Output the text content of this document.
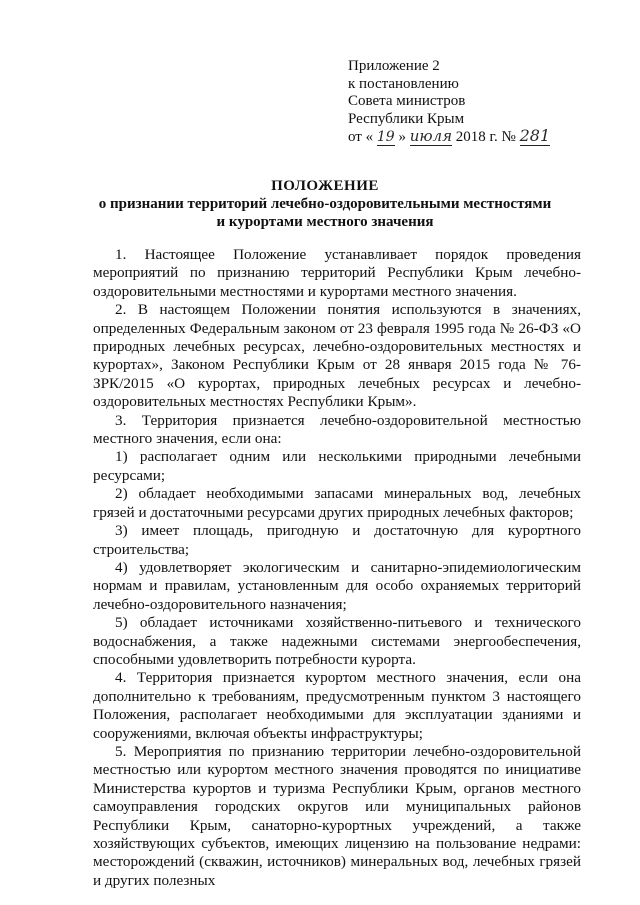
Приложение 2
к постановлению
Совета министров
Республики Крым
от « 19 » июля 2018 г. № 281
ПОЛОЖЕНИЕ
о признании территорий лечебно-оздоровительными местностями
и курортами местного значения

1. Настоящее Положение устанавливает порядок проведения мероприятий по признанию территорий Республики Крым лечебно-оздоровительными местностями и курортами местного значения.

2. В настоящем Положении понятия используются в значениях, определенных Федеральным законом от 23 февраля 1995 года № 26-ФЗ «О природных лечебных ресурсах, лечебно-оздоровительных местностях и курортах», Законом Республики Крым от 28 января 2015 года № 76-ЗРК/2015 «О курортах, природных лечебных ресурсах и лечебно-оздоровительных местностях Республики Крым».

3. Территория признается лечебно-оздоровительной местностью местного значения, если она:

1) располагает одним или несколькими природными лечебными ресурсами;

2) обладает необходимыми запасами минеральных вод, лечебных грязей и достаточными ресурсами других природных лечебных факторов;

3) имеет площадь, пригодную и достаточную для курортного строительства;

4) удовлетворяет экологическим и санитарно-эпидемиологическим нормам и правилам, установленным для особо охраняемых территорий лечебно-оздоровительного назначения;

5) обладает источниками хозяйственно-питьевого и технического водоснабжения, а также надежными системами энергообеспечения, способными удовлетворить потребности курорта.

4. Территория признается курортом местного значения, если она дополнительно к требованиям, предусмотренным пунктом 3 настоящего Положения, располагает необходимыми для эксплуатации зданиями и сооружениями, включая объекты инфраструктуры;

5. Мероприятия по признанию территории лечебно-оздоровительной местностью или курортом местного значения проводятся по инициативе Министерства курортов и туризма Республики Крым, органов местного самоуправления городских округов или муниципальных районов Республики Крым, санаторно-курортных учреждений, а также хозяйствующих субъектов, имеющих лицензию на пользование недрами: месторождений (скважин, источников) минеральных вод, лечебных грязей и других полезных
